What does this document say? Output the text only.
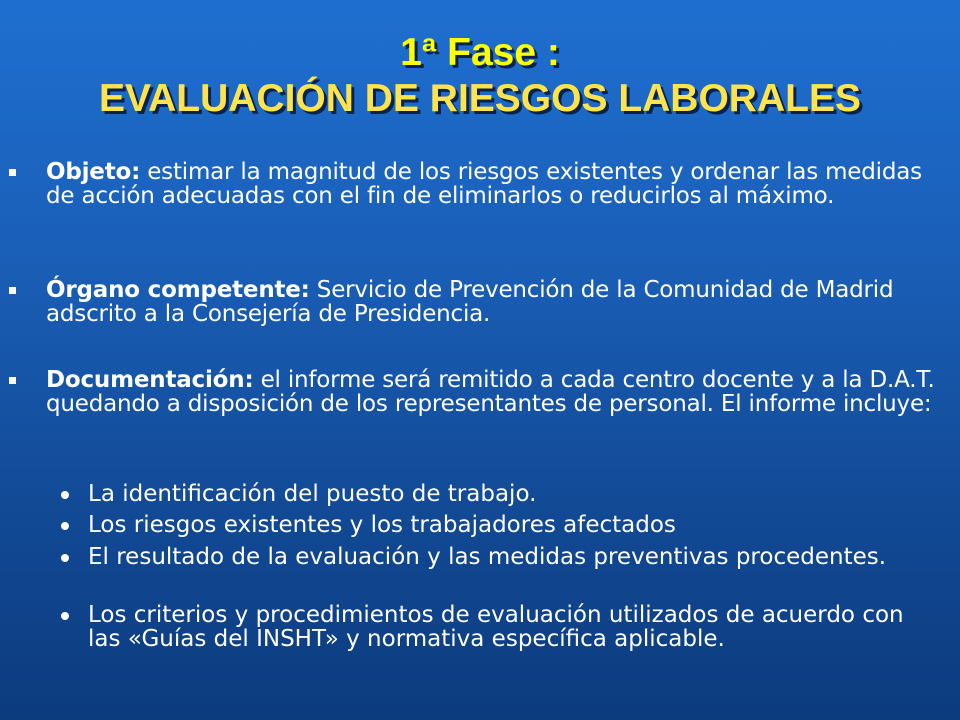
1ª Fase :
EVALUACIÓN DE RIESGOS LABORALES
Objeto: estimar la magnitud de los riesgos existentes y ordenar las medidas de acción adecuadas con el fin de eliminarlos o reducirlos al máximo.
Órgano competente: Servicio de Prevención de la Comunidad de Madrid adscrito a la Consejería de Presidencia.
Documentación: el informe será remitido a cada centro docente y a la D.A.T. quedando a disposición de los representantes de personal. El informe incluye:
La identificación del puesto de trabajo.
Los riesgos existentes y los trabajadores afectados
El resultado de la evaluación y las medidas preventivas procedentes.
Los criterios y procedimientos de evaluación utilizados de acuerdo con las «Guías del INSHT» y normativa específica aplicable.
